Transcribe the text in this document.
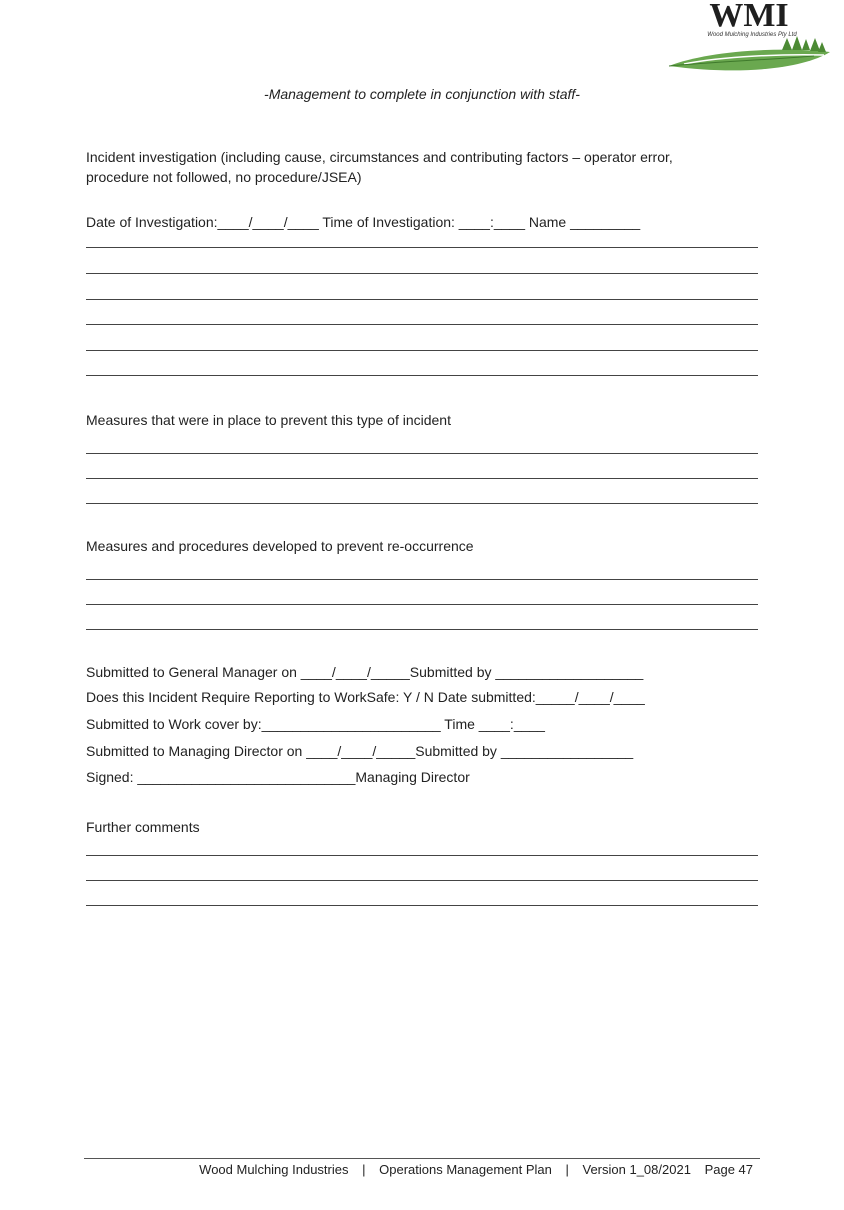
WMI
Wood Mulching Industries Pty Ltd
-Management to complete in conjunction with staff-
Incident investigation (including cause, circumstances and contributing factors – operator error,
procedure not followed, no procedure/JSEA)
Date of Investigation:____/____/____ Time of Investigation: ____:____ Name _________
Measures that were in place to prevent this type of incident
Measures and procedures developed to prevent re-occurrence
Submitted to General Manager on ____/____/_____Submitted by ___________________
Does this Incident Require Reporting to WorkSafe: Y / N Date submitted:_____/____/____
Submitted to Work cover by:_______________________ Time ____:____
Submitted to Managing Director on ____/____/_____Submitted by _________________
Signed: ____________________________Managing Director
Further comments
Wood Mulching Industries | Operations Management Plan | Version 1_08/2021 Page 47
